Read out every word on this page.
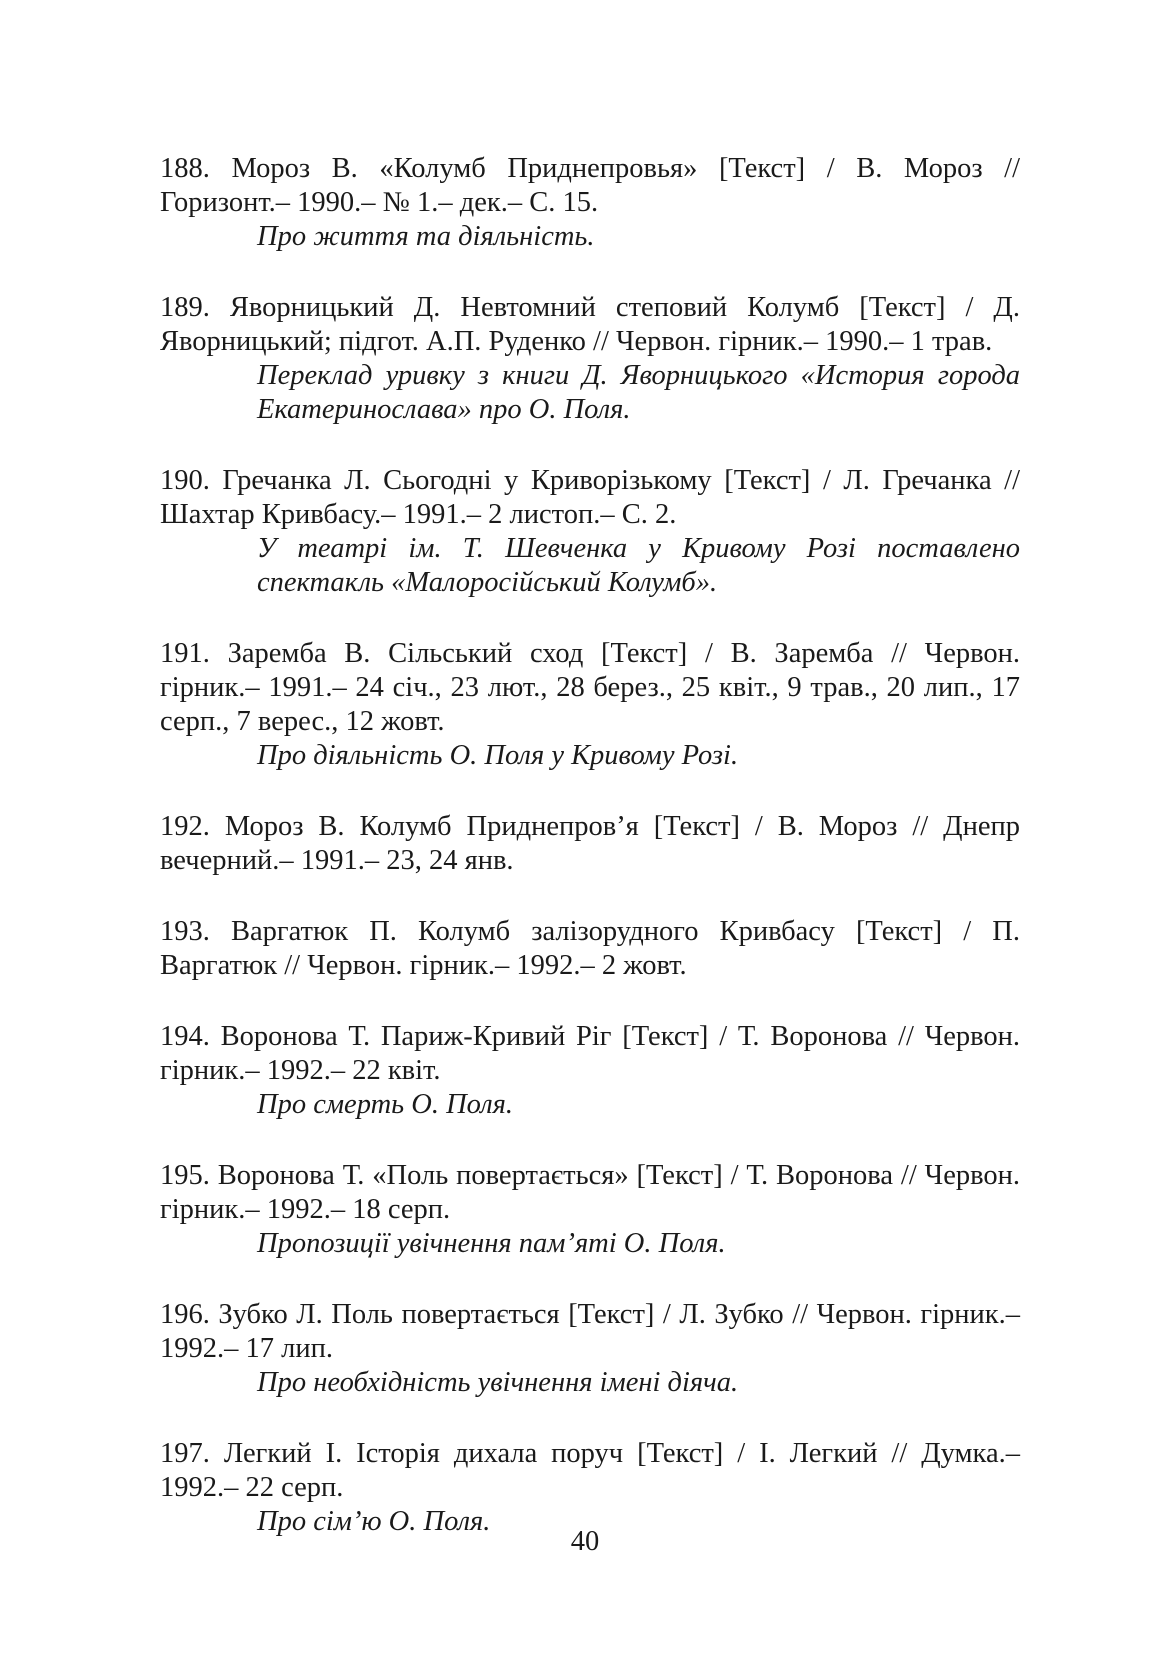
188. Мороз В. «Колумб Приднепровья» [Текст] / В. Мороз // Горизонт.– 1990.– № 1.– дек.– С. 15.

Про життя та діяльність.

189. Яворницький Д. Невтомний степовий Колумб [Текст] / Д. Яворницький; підгот. А.П. Руденко // Червон. гірник.– 1990.– 1 трав.

Переклад уривку з книги Д. Яворницького «История города Екатеринослава» про О. Поля.

190. Гречанка Л. Сьогодні у Криворізькому [Текст] / Л. Гречанка // Шахтар Кривбасу.– 1991.– 2 листоп.– С. 2.

У театрі ім. Т. Шевченка у Кривому Розі поставлено спектакль «Малоросійський Колумб».

191. Заремба В. Сільський сход [Текст] / В. Заремба // Червон. гірник.– 1991.– 24 січ., 23 лют., 28 берез., 25 квіт., 9 трав., 20 лип., 17 серп., 7 верес., 12 жовт.

Про діяльність О. Поля у Кривому Розі.

192. Мороз В. Колумб Приднепров’я [Текст] / В. Мороз // Днепр вечерний.– 1991.– 23, 24 янв.

193. Варгатюк П. Колумб залізорудного Кривбасу [Текст] / П. Варгатюк // Червон. гірник.– 1992.– 2 жовт.

194. Воронова Т. Париж-Кривий Ріг [Текст] / Т. Воронова // Червон. гірник.– 1992.– 22 квіт.

Про смерть О. Поля.

195. Воронова Т. «Поль повертається» [Текст] / Т. Воронова // Червон. гірник.– 1992.– 18 серп.

Пропозиції увічнення пам’яті О. Поля.

196. Зубко Л. Поль повертається [Текст] / Л. Зубко // Червон. гірник.– 1992.– 17 лип.

Про необхідність увічнення імені діяча.

197. Легкий І. Історія дихала поруч [Текст] / І. Легкий // Думка.– 1992.– 22 серп.

Про сім’ю О. Поля.

40
